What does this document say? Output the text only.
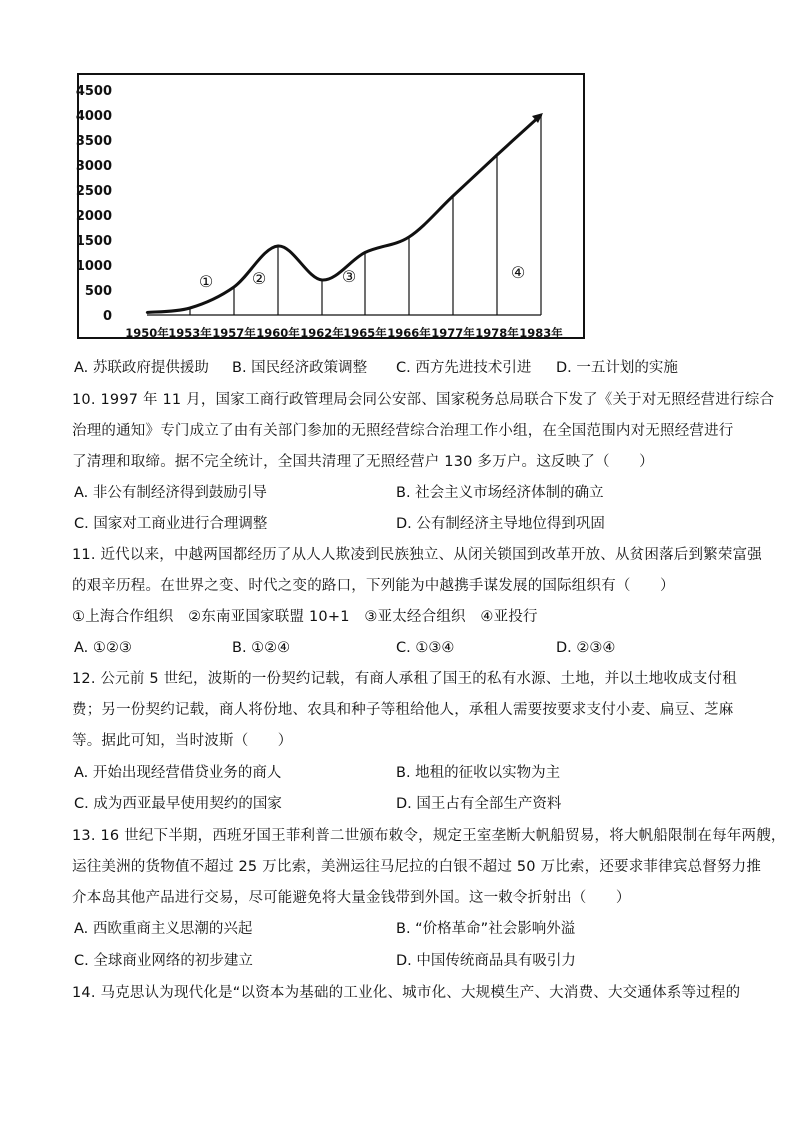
0
500
1000
1500
2000
2500
3000
3500
4000
4500
1950年 1953年 1957年 1960年 1962年 1965年 1966年 1977年 1978年 1983年
① ②	③	④
A. 苏联政府提供援助 B. 国民经济政策调整 C. 西方先进技术引进 D. 一五计划的实施
10. 1997 年 11 月，国家工商行政管理局会同公安部、国家税务总局联合下发了《关于对无照经营进行综合
治理的通知》专门成立了由有关部门参加的无照经营综合治理工作小组，在全国范围内对无照经营进行
了清理和取缔。据不完全统计，全国共清理了无照经营户 130 多万户。这反映了（　　）
A. 非公有制经济得到鼓励引导	B. 社会主义市场经济体制的确立
C. 国家对工商业进行合理调整	D. 公有制经济主导地位得到巩固
11. 近代以来，中越两国都经历了从人人欺凌到民族独立、从闭关锁国到改革开放、从贫困落后到繁荣富强
的艰辛历程。在世界之变、时代之变的路口，下列能为中越携手谋发展的国际组织有（　　）
①上海合作组织　②东南亚国家联盟 10+1　③亚太经合组织　④亚投行
A. ①②③	B. ①②④	C. ①③④	D. ②③④
12. 公元前 5 世纪，波斯的一份契约记载，有商人承租了国王的私有水源、土地，并以土地收成支付租
费；另一份契约记载，商人将份地、农具和种子等租给他人，承租人需要按要求支付小麦、扁豆、芝麻
等。据此可知，当时波斯（　　）
A. 开始出现经营借贷业务的商人	B. 地租的征收以实物为主
C. 成为西亚最早使用契约的国家	D. 国王占有全部生产资料
13. 16 世纪下半期，西班牙国王菲利普二世颁布敕令，规定王室垄断大帆船贸易，将大帆船限制在每年两艘，
运往美洲的货物值不超过 25 万比索，美洲运往马尼拉的白银不超过 50 万比索，还要求菲律宾总督努力推
介本岛其他产品进行交易，尽可能避免将大量金钱带到外国。这一敕令折射出（　　）
A. 西欧重商主义思潮的兴起	B. “价格革命”社会影响外溢
C. 全球商业网络的初步建立	D. 中国传统商品具有吸引力
14. 马克思认为现代化是“以资本为基础的工业化、城市化、大规模生产、大消费、大交通体系等过程的
